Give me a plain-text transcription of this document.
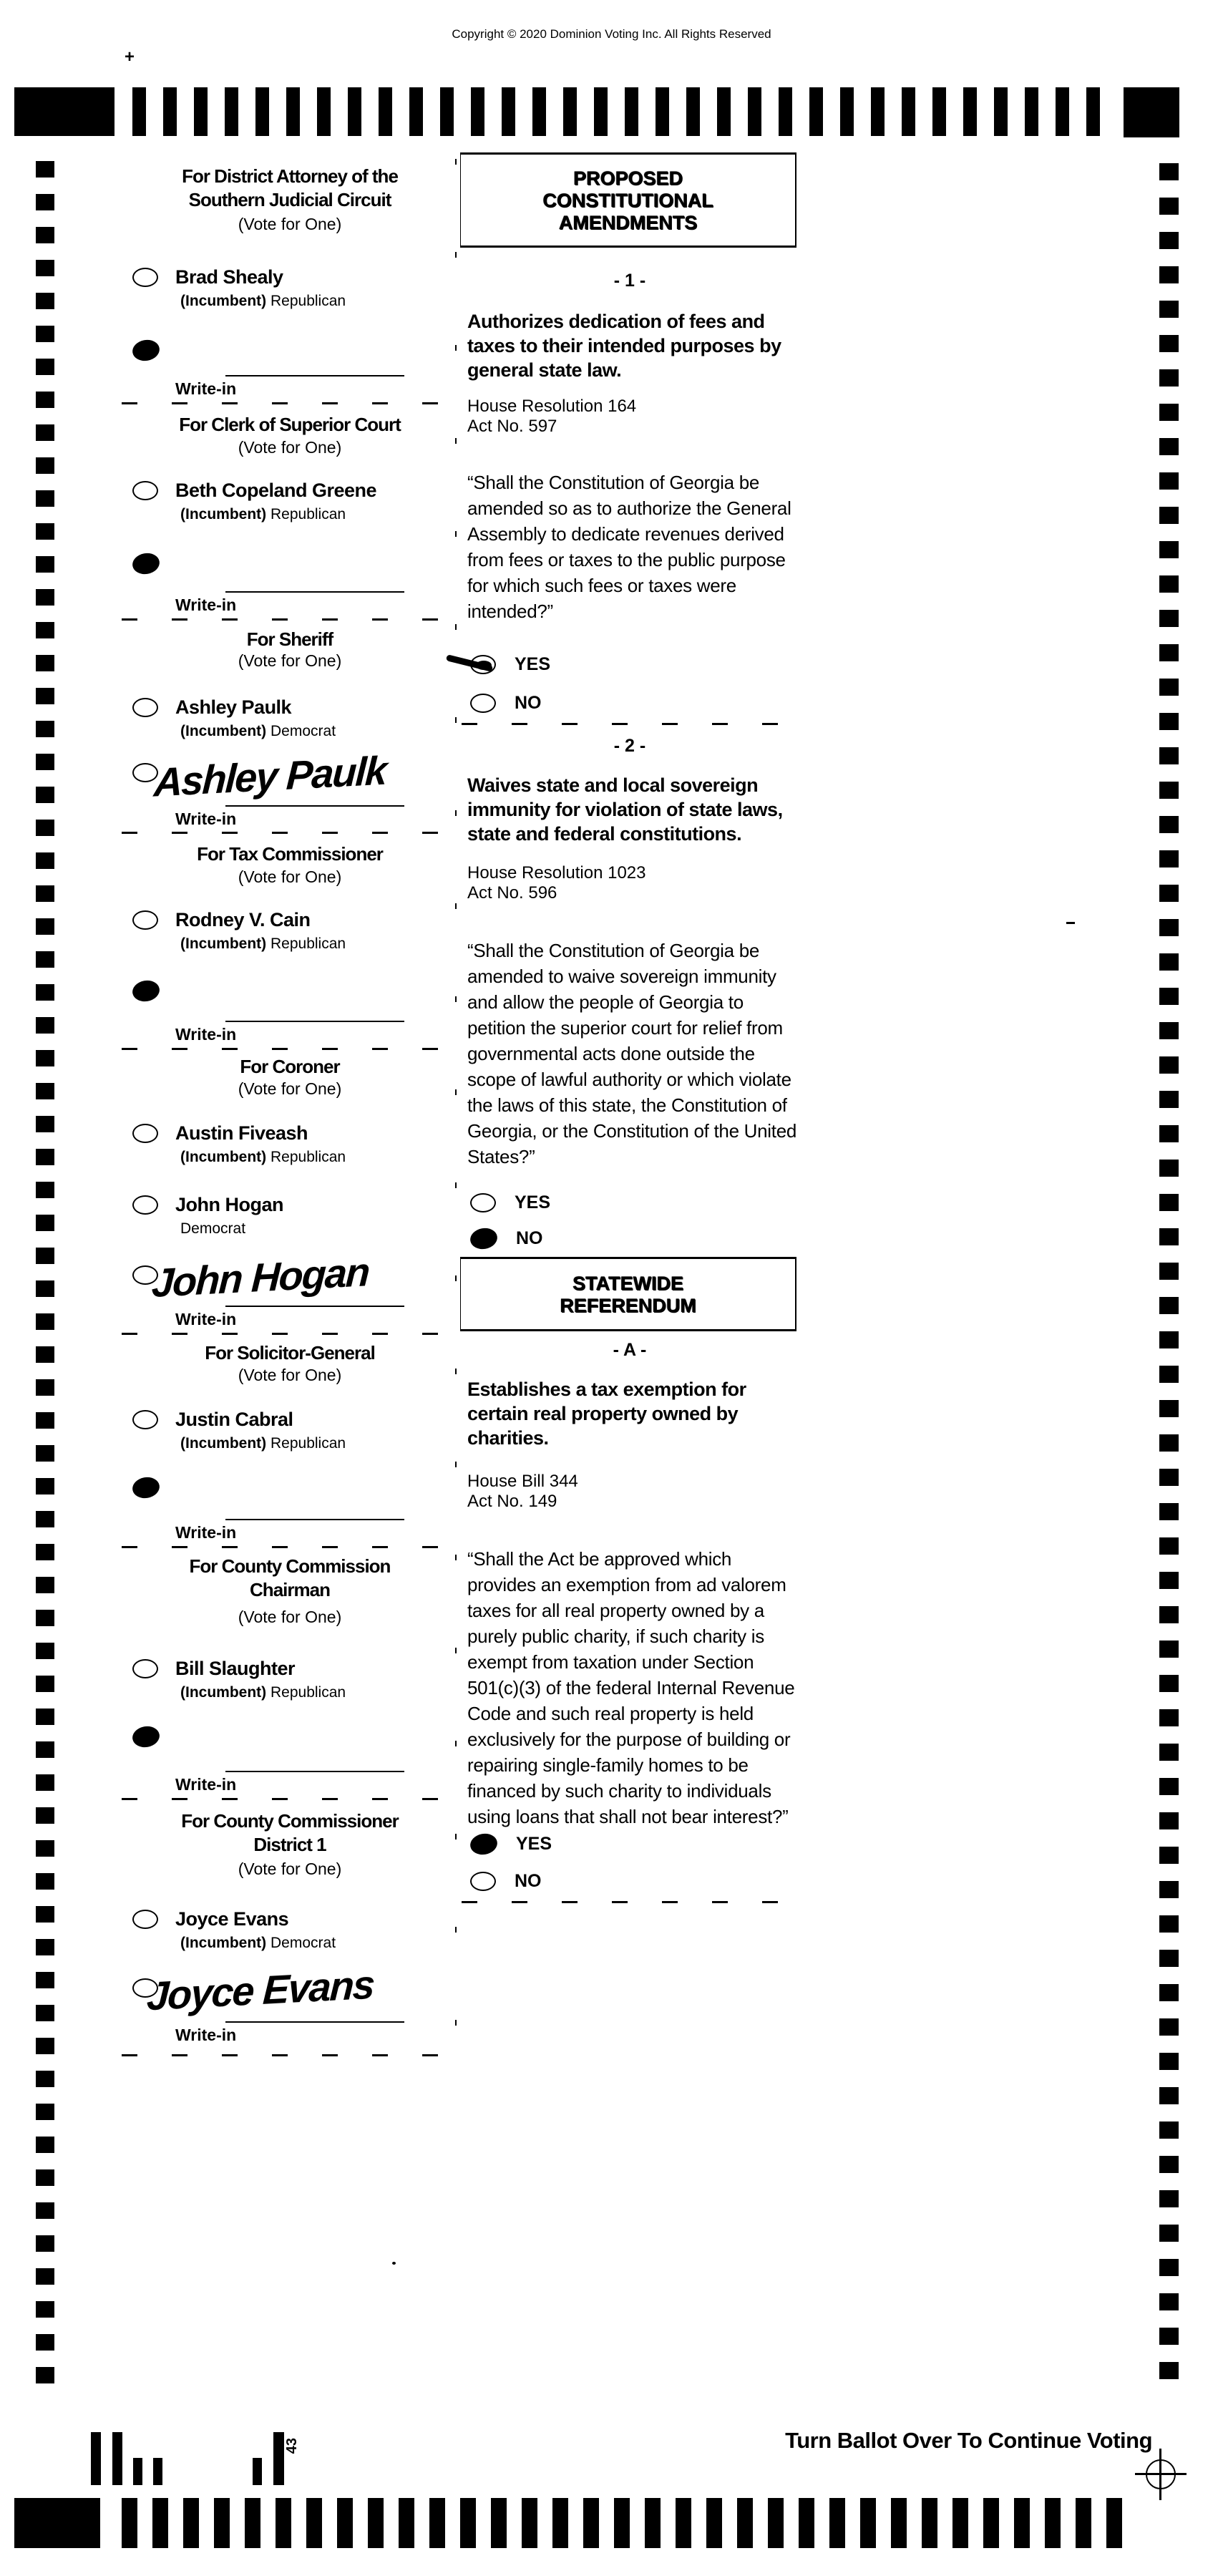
Copyright © 2020 Dominion Voting Inc. All Rights Reserved
+
For District Attorney of the
Southern Judicial Circuit
(Vote for One)
Brad Shealy
(Incumbent) Republican
Write-in
For Clerk of Superior Court
(Vote for One)
Beth Copeland Greene
(Incumbent) Republican
Write-in
For Sheriff
(Vote for One)
Ashley Paulk
(Incumbent) Democrat
Ashley Paulk
Write-in
For Tax Commissioner
(Vote for One)
Rodney V. Cain
(Incumbent) Republican
Write-in
For Coroner
(Vote for One)
Austin Fiveash
(Incumbent) Republican
John Hogan
Democrat
John Hogan
Write-in
For Solicitor-General
(Vote for One)
Justin Cabral
(Incumbent) Republican
Write-in
For County Commission
Chairman
(Vote for One)
Bill Slaughter
(Incumbent) Republican
Write-in
For County Commissioner
District 1
(Vote for One)
Joyce Evans
(Incumbent) Democrat
Joyce Evans
Write-in
PROPOSED
CONSTITUTIONAL
AMENDMENTS
- 1 -
Authorizes dedication of fees and taxes to their intended purposes by general state law.
House Resolution 164
Act No. 597
“Shall the Constitution of Georgia be amended so as to authorize the General Assembly to dedicate revenues derived from fees or taxes to the public purpose for which such fees or taxes were intended?”
YES
NO
- 2 -
Waives state and local sovereign immunity for violation of state laws, state and federal constitutions.
House Resolution 1023
Act No. 596
“Shall the Constitution of Georgia be amended to waive sovereign immunity and allow the people of Georgia to petition the superior court for relief from governmental acts done outside the scope of lawful authority or which violate the laws of this state, the Constitution of Georgia, or the Constitution of the United States?”
YES
NO
STATEWIDE
REFERENDUM
- A -
Establishes a tax exemption for certain real property owned by charities.
House Bill 344
Act No. 149
“Shall the Act be approved which provides an exemption from ad valorem taxes for all real property owned by a purely public charity, if such charity is exempt from taxation under Section 501(c)(3) of the federal Internal Revenue Code and such real property is held exclusively for the purpose of building or repairing single-family homes to be financed by such charity to individuals using loans that shall not bear interest?”
YES
NO
43	Turn Ballot Over To Continue Voting
